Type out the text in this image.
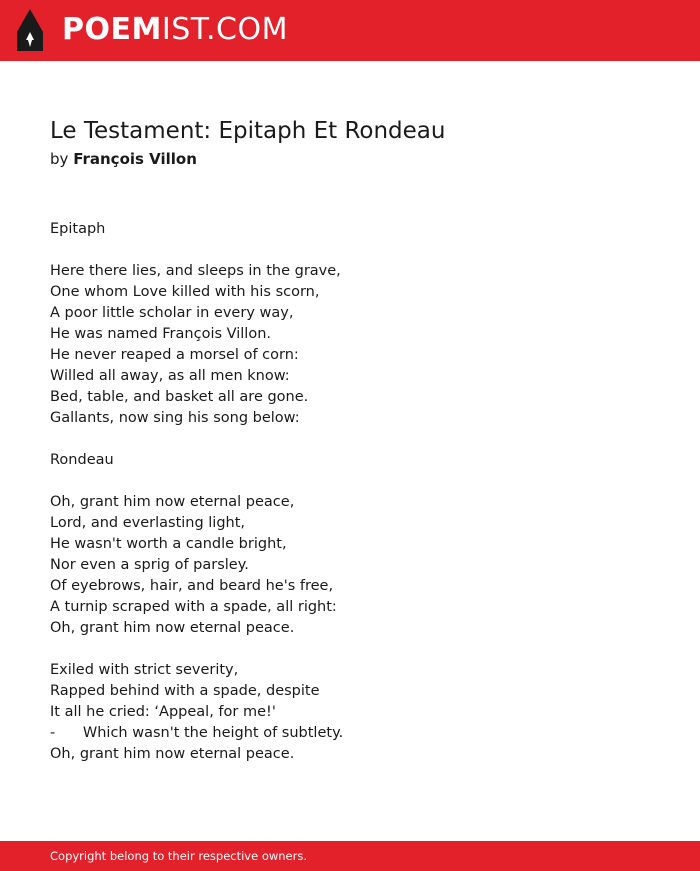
POEMIST.COM
Le Testament: Epitaph Et Rondeau
by François Villon
Epitaph
Here there lies, and sleeps in the grave,
One whom Love killed with his scorn,
A poor little scholar in every way,
He was named François Villon.
He never reaped a morsel of corn:
Willed all away, as all men know:
Bed, table, and basket all are gone.
Gallants, now sing his song below:
Rondeau
Oh, grant him now eternal peace,
Lord, and everlasting light,
He wasn't worth a candle bright,
Nor even a sprig of parsley.
Of eyebrows, hair, and beard he's free,
A turnip scraped with a spade, all right:
Oh, grant him now eternal peace.
Exiled with strict severity,
Rapped behind with a spade, despite
It all he cried: ‘Appeal, for me!'
-      Which wasn't the height of subtlety.
Oh, grant him now eternal peace.
Copyright belong to their respective owners.
